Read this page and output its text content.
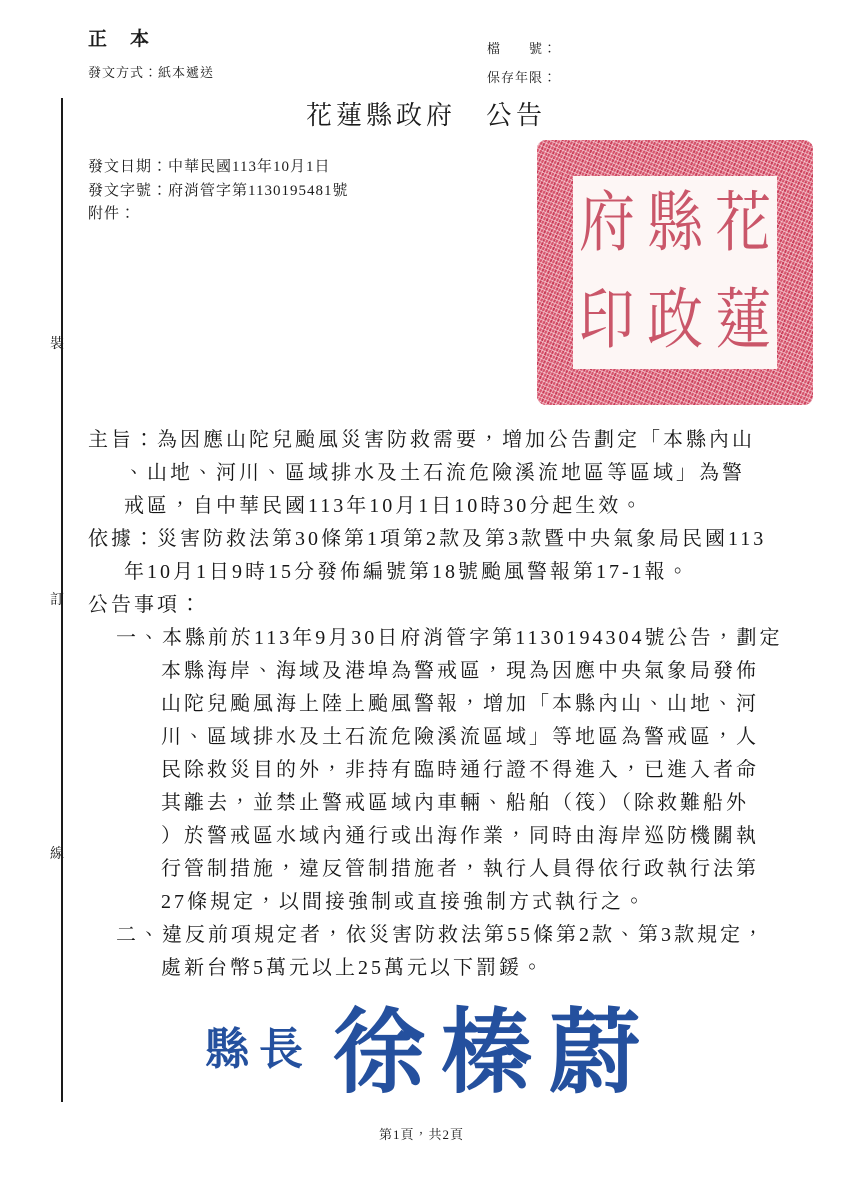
正　本
發文方式：紙本遞送
檔　　號：
保存年限：
花蓮縣政府　公告
發文日期：中華民國113年10月1日
發文字號：府消管字第1130195481號
附件：	府 縣 花
印 政 蓮
裝
訂
線
主旨：為因應山陀兒颱風災害防救需要，增加公告劃定「本縣內山
、山地、河川、區域排水及土石流危險溪流地區等區域」為警
戒區，自中華民國113年10月1日10時30分起生效。
依據：災害防救法第30條第1項第2款及第3款暨中央氣象局民國113
年10月1日9時15分發佈編號第18號颱風警報第17-1報。
公告事項：
一、本縣前於113年9月30日府消管字第1130194304號公告，劃定
本縣海岸、海域及港埠為警戒區，現為因應中央氣象局發佈
山陀兒颱風海上陸上颱風警報，增加「本縣內山、山地、河
川、區域排水及土石流危險溪流區域」等地區為警戒區，人
民除救災目的外，非持有臨時通行證不得進入，已進入者命
其離去，並禁止警戒區域內車輛、船舶（筏）（除救難船外
）於警戒區水域內通行或出海作業，同時由海岸巡防機關執
行管制措施，違反管制措施者，執行人員得依行政執行法第
27條規定，以間接強制或直接強制方式執行之。
二、違反前項規定者，依災害防救法第55條第2款、第3款規定，
處新台幣5萬元以上25萬元以下罰鍰。
縣長 徐榛蔚
第1頁，共2頁
